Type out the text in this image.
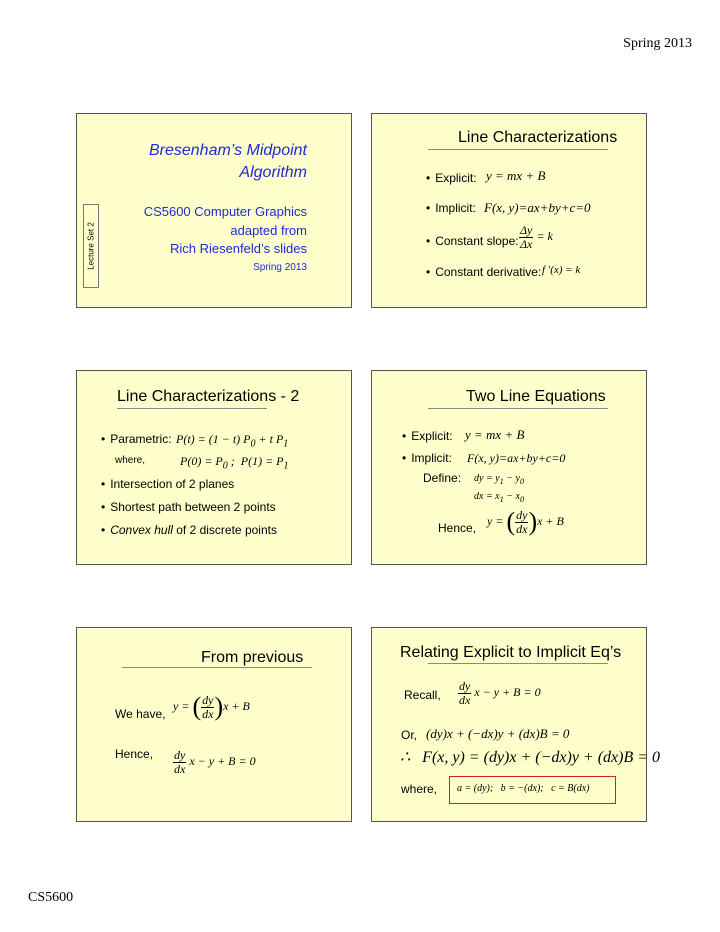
Spring 2013
Bresenham’s Midpoint
Algorithm
CS5600 Computer Graphics
adapted from
Rich Riesenfeld’s slides
Spring 2013
Lecture Set 2
Line Characterizations
• Explicit: y = mx + B
• Implicit: F(x, y)=ax+by+c=0
• Constant slope: $\frac{\Delta y}{\Delta x} = k$
• Constant derivative: f ′(x) = k
Line Characterizations - 2
• Parametric: P(t) = (1 − t) $P_0 + t$ $P_1$
where,	$P(0) = P_0$ ;  $P(1) = P_1$
• Intersection of 2 planes
• Shortest path between 2 points
• Convex hull of 2 discrete points
Two Line Equations
• Explicit: y = mx + B
• Implicit: F(x, y)=ax+by+c=0
Define: dy = $y_1 - y_0$
dx = $x_1 - x_0$
Hence,
y = ( $\frac{dy}{dx} )x + B$
From previous
We have,
y = ( $\frac{dy}{dx} )x + B$
Hence, $\frac{dy}{dx}$ x − y + B = 0
Relating Explicit to Implicit Eq’s
Recall, $\frac{dy}{dx}$ x − y + B = 0
Or, (dy)x + (−dx)y + (dx)B = 0
∴   F(x, y) = (dy)x + (−dx)y + (dx)B = 0
where, a = (dy);   b = −(dx);   c = B(dx)
CS5600
